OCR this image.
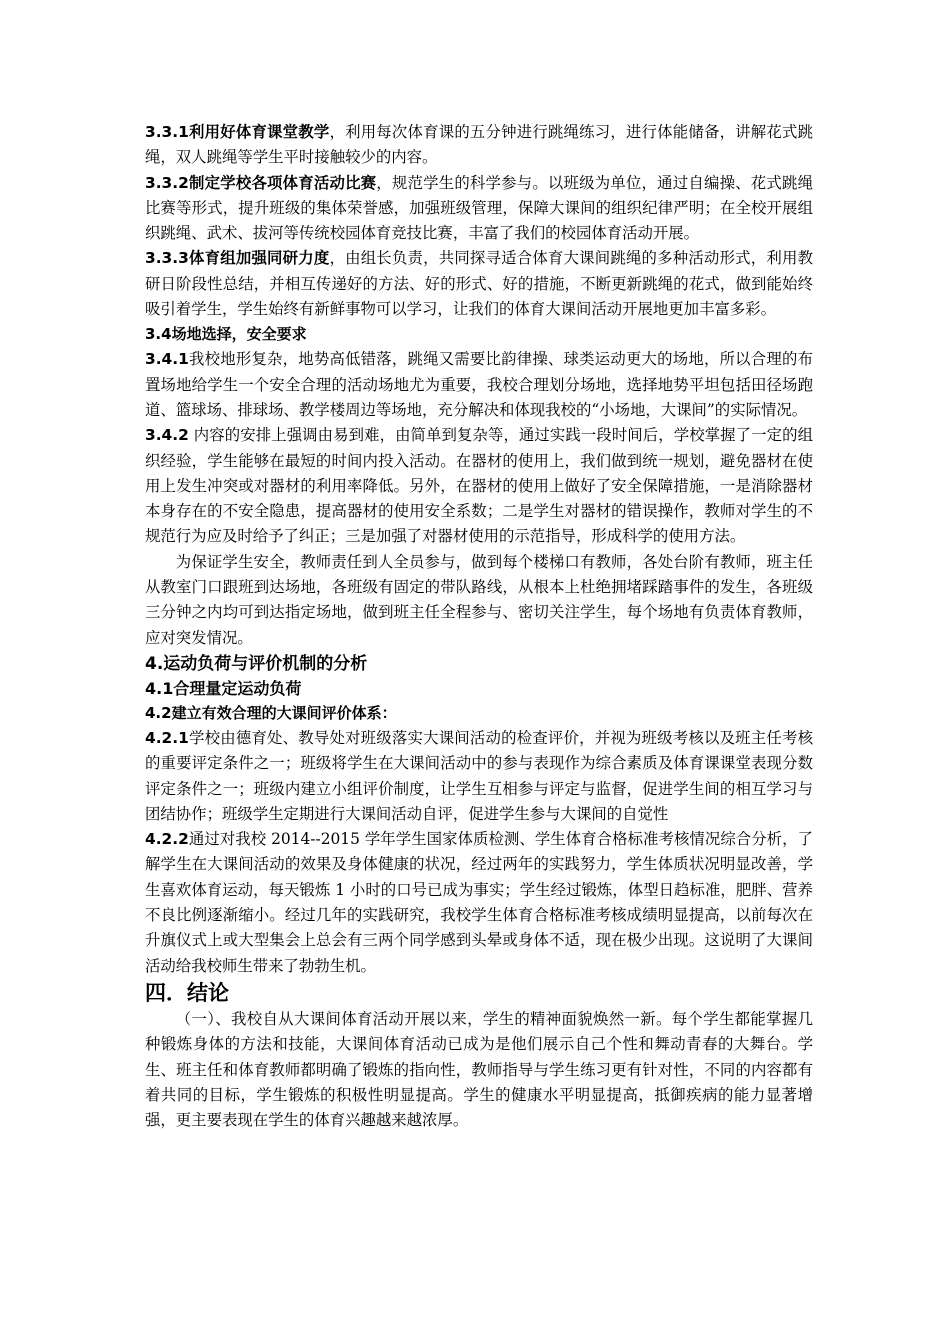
3.3.1利用好体育课堂教学，利用每次体育课的五分钟进行跳绳练习，进行体能储备，讲解花式跳绳，双人跳绳等学生平时接触较少的内容。

3.3.2制定学校各项体育活动比赛，规范学生的科学参与。以班级为单位，通过自编操、花式跳绳比赛等形式，提升班级的集体荣誉感，加强班级管理，保障大课间的组织纪律严明；在全校开展组织跳绳、武术、拔河等传统校园体育竞技比赛，丰富了我们的校园体育活动开展。

3.3.3体育组加强同研力度，由组长负责，共同探寻适合体育大课间跳绳的多种活动形式，利用教研日阶段性总结，并相互传递好的方法、好的形式、好的措施，不断更新跳绳的花式，做到能始终吸引着学生，学生始终有新鲜事物可以学习，让我们的体育大课间活动开展地更加丰富多彩。

3.4场地选择，安全要求

3.4.1我校地形复杂，地势高低错落，跳绳又需要比韵律操、球类运动更大的场地，所以合理的布置场地给学生一个安全合理的活动场地尤为重要，我校合理划分场地，选择地势平坦包括田径场跑道、篮球场、排球场、教学楼周边等场地，充分解决和体现我校的“小场地，大课间”的实际情况。

3.4.2 内容的安排上强调由易到难，由简单到复杂等，通过实践一段时间后，学校掌握了一定的组织经验，学生能够在最短的时间内投入活动。在器材的使用上，我们做到统一规划，避免器材在使用上发生冲突或对器材的利用率降低。另外，在器材的使用上做好了安全保障措施，一是消除器材本身存在的不安全隐患，提高器材的使用安全系数；二是学生对器材的错误操作，教师对学生的不规范行为应及时给予了纠正；三是加强了对器材使用的示范指导，形成科学的使用方法。

为保证学生安全，教师责任到人全员参与，做到每个楼梯口有教师，各处台阶有教师，班主任从教室门口跟班到达场地，各班级有固定的带队路线，从根本上杜绝拥堵踩踏事件的发生，各班级三分钟之内均可到达指定场地，做到班主任全程参与、密切关注学生，每个场地有负责体育教师，应对突发情况。

4.运动负荷与评价机制的分析

4.1合理量定运动负荷

4.2建立有效合理的大课间评价体系：

4.2.1学校由德育处、教导处对班级落实大课间活动的检查评价，并视为班级考核以及班主任考核的重要评定条件之一；班级将学生在大课间活动中的参与表现作为综合素质及体育课课堂表现分数评定条件之一；班级内建立小组评价制度，让学生互相参与评定与监督，促进学生间的相互学习与团结协作；班级学生定期进行大课间活动自评，促进学生参与大课间的自觉性

4.2.2通过对我校 2014--2015 学年学生国家体质检测、学生体育合格标准考核情况综合分析，了解学生在大课间活动的效果及身体健康的状况，经过两年的实践努力，学生体质状况明显改善，学生喜欢体育运动，每天锻炼 1 小时的口号已成为事实；学生经过锻炼，体型日趋标准，肥胖、营养不良比例逐渐缩小。经过几年的实践研究，我校学生体育合格标准考核成绩明显提高，以前每次在升旗仪式上或大型集会上总会有三两个同学感到头晕或身体不适，现在极少出现。这说明了大课间活动给我校师生带来了勃勃生机。

四．结论

（一）、我校自从大课间体育活动开展以来，学生的精神面貌焕然一新。每个学生都能掌握几种锻炼身体的方法和技能，大课间体育活动已成为是他们展示自己个性和舞动青春的大舞台。学生、班主任和体育教师都明确了锻炼的指向性，教师指导与学生练习更有针对性，不同的内容都有着共同的目标，学生锻炼的积极性明显提高。学生的健康水平明显提高，抵御疾病的能力显著增强，更主要表现在学生的体育兴趣越来越浓厚。
